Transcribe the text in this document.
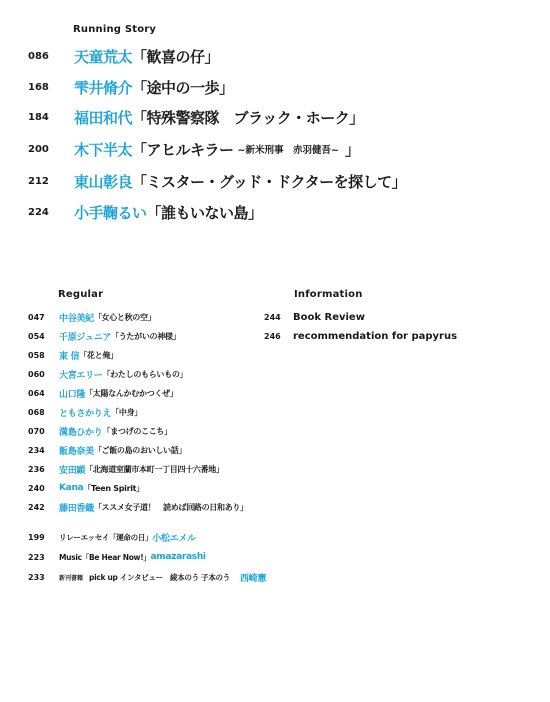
Running Story
086	天童荒太 「歓喜の仔」
168	雫井脩介 「途中の一歩」
184	福田和代 「特殊警察隊　ブラック・ホーク」
200	木下半太 「アヒルキラー ~新米刑事　赤羽健吾~ 」
212	東山彰良 「ミスター・グッド・ドクターを探して」
224	小手鞠るい 「誰もいない島」
Regular
047	中谷美紀 「女心と秋の空」
054	千原ジュニア 「うたがいの神様」
058	東 信 「花と俺」
060	大宮エリー 「わたしのもらいもの」
064	山口隆 「太陽なんかむかつくぜ」
068	ともさかりえ 「中身」
070	満島ひかり 「まつげのここち」
234	飯島奈美 「ご飯の島のおいしい話」
236	安田顕 「北海道室蘭市本町一丁目四十六番地」
240	Kana 「Teen Spirit」
242	藤田香織 「ススメ女子道！　読めば回路の日和あり」
Information
244	Book Review
246	recommendation for papyrus
199	リレーエッセイ「運命の日」 小松エメル
223	Music「Be Hear Now!」 amazarashi
233	新刊書籍 pick up インタビュー　綾本のう 子本のう 西崎憲
